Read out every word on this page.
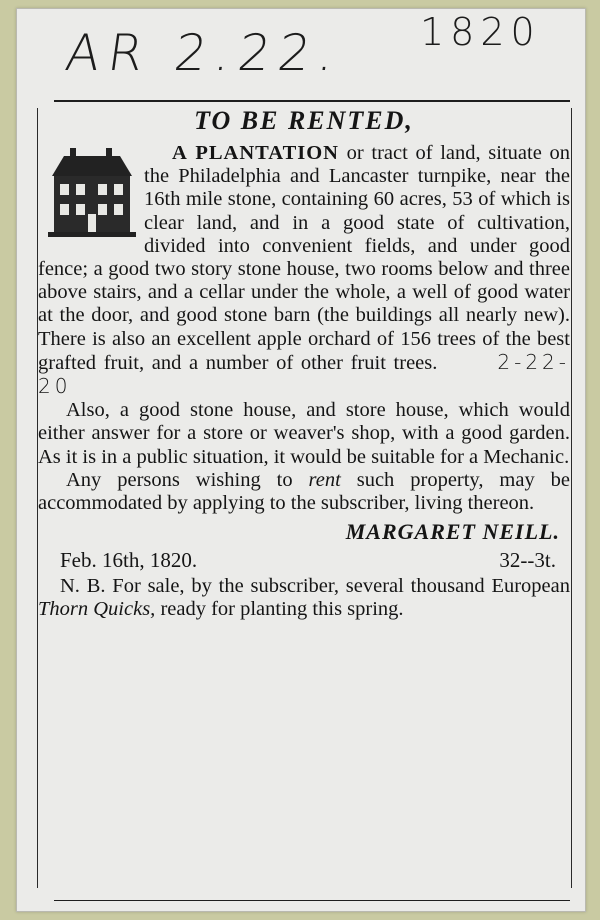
AR 2.22. 1820
TO BE RENTED,

A PLANTATION or tract of land, situate on the Philadelphia and Lancaster turnpike, near the 16th mile stone, containing 60 acres, 53 of which is clear land, and in a good state of cultivation, divided into convenient fields, and under good fence; a good two story stone house, two rooms below and three above stairs, and a cellar under the whole, a well of good water at the door, and good stone barn (the buildings all nearly new). There is also an excellent apple orchard of 156 trees of the best grafted fruit, and a number of other fruit trees.	2-22-20

Also, a good stone house, and store house, which would either answer for a store or weaver's shop, with a good garden. As it is in a public situation, it would be suitable for a Mechanic.

Any persons wishing to rent such property, may be accommodated by applying to the subscriber, living thereon.

MARGARET NEILL.
Feb. 16th, 1820.	32--3t.

N. B. For sale, by the subscriber, several thousand European Thorn Quicks, ready for planting this spring.
